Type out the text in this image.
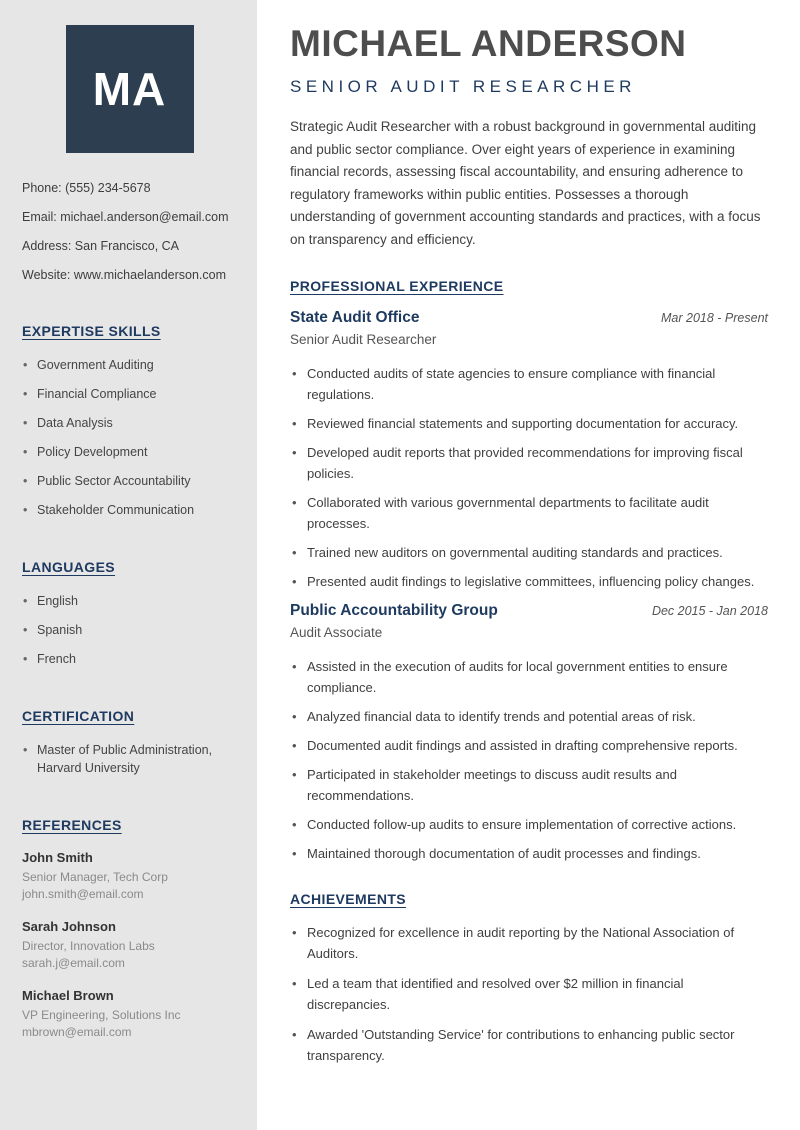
MA
Phone: (555) 234-5678
Email: michael.anderson@email.com
Address: San Francisco, CA
Website: www.michaelanderson.com
EXPERTISE SKILLS
• Government Auditing
• Financial Compliance
• Data Analysis
• Policy Development
• Public Sector Accountability
• Stakeholder Communication
LANGUAGES
• English
• Spanish
• French
CERTIFICATION
• Master of Public Administration, Harvard University
REFERENCES
John Smith
Senior Manager, Tech Corp
john.smith@email.com
Sarah Johnson
Director, Innovation Labs
sarah.j@email.com
Michael Brown
VP Engineering, Solutions Inc
mbrown@email.com
MICHAEL ANDERSON
SENIOR AUDIT RESEARCHER

Strategic Audit Researcher with a robust background in governmental auditing and public sector compliance. Over eight years of experience in examining financial records, assessing fiscal accountability, and ensuring adherence to regulatory frameworks within public entities. Possesses a thorough understanding of government accounting standards and practices, with a focus on transparency and efficiency.

PROFESSIONAL EXPERIENCE
State Audit Office	Mar 2018 - Present
Senior Audit Researcher
• Conducted audits of state agencies to ensure compliance with financial regulations.
• Reviewed financial statements and supporting documentation for accuracy.
• Developed audit reports that provided recommendations for improving fiscal policies.
• Collaborated with various governmental departments to facilitate audit processes.
• Trained new auditors on governmental auditing standards and practices.
• Presented audit findings to legislative committees, influencing policy changes.
Public Accountability Group	Dec 2015 - Jan 2018
Audit Associate
• Assisted in the execution of audits for local government entities to ensure compliance.
• Analyzed financial data to identify trends and potential areas of risk.
• Documented audit findings and assisted in drafting comprehensive reports.
• Participated in stakeholder meetings to discuss audit results and recommendations.
• Conducted follow-up audits to ensure implementation of corrective actions.
• Maintained thorough documentation of audit processes and findings.
ACHIEVEMENTS
• Recognized for excellence in audit reporting by the National Association of Auditors.
• Led a team that identified and resolved over $2 million in financial discrepancies.
• Awarded 'Outstanding Service' for contributions to enhancing public sector transparency.
